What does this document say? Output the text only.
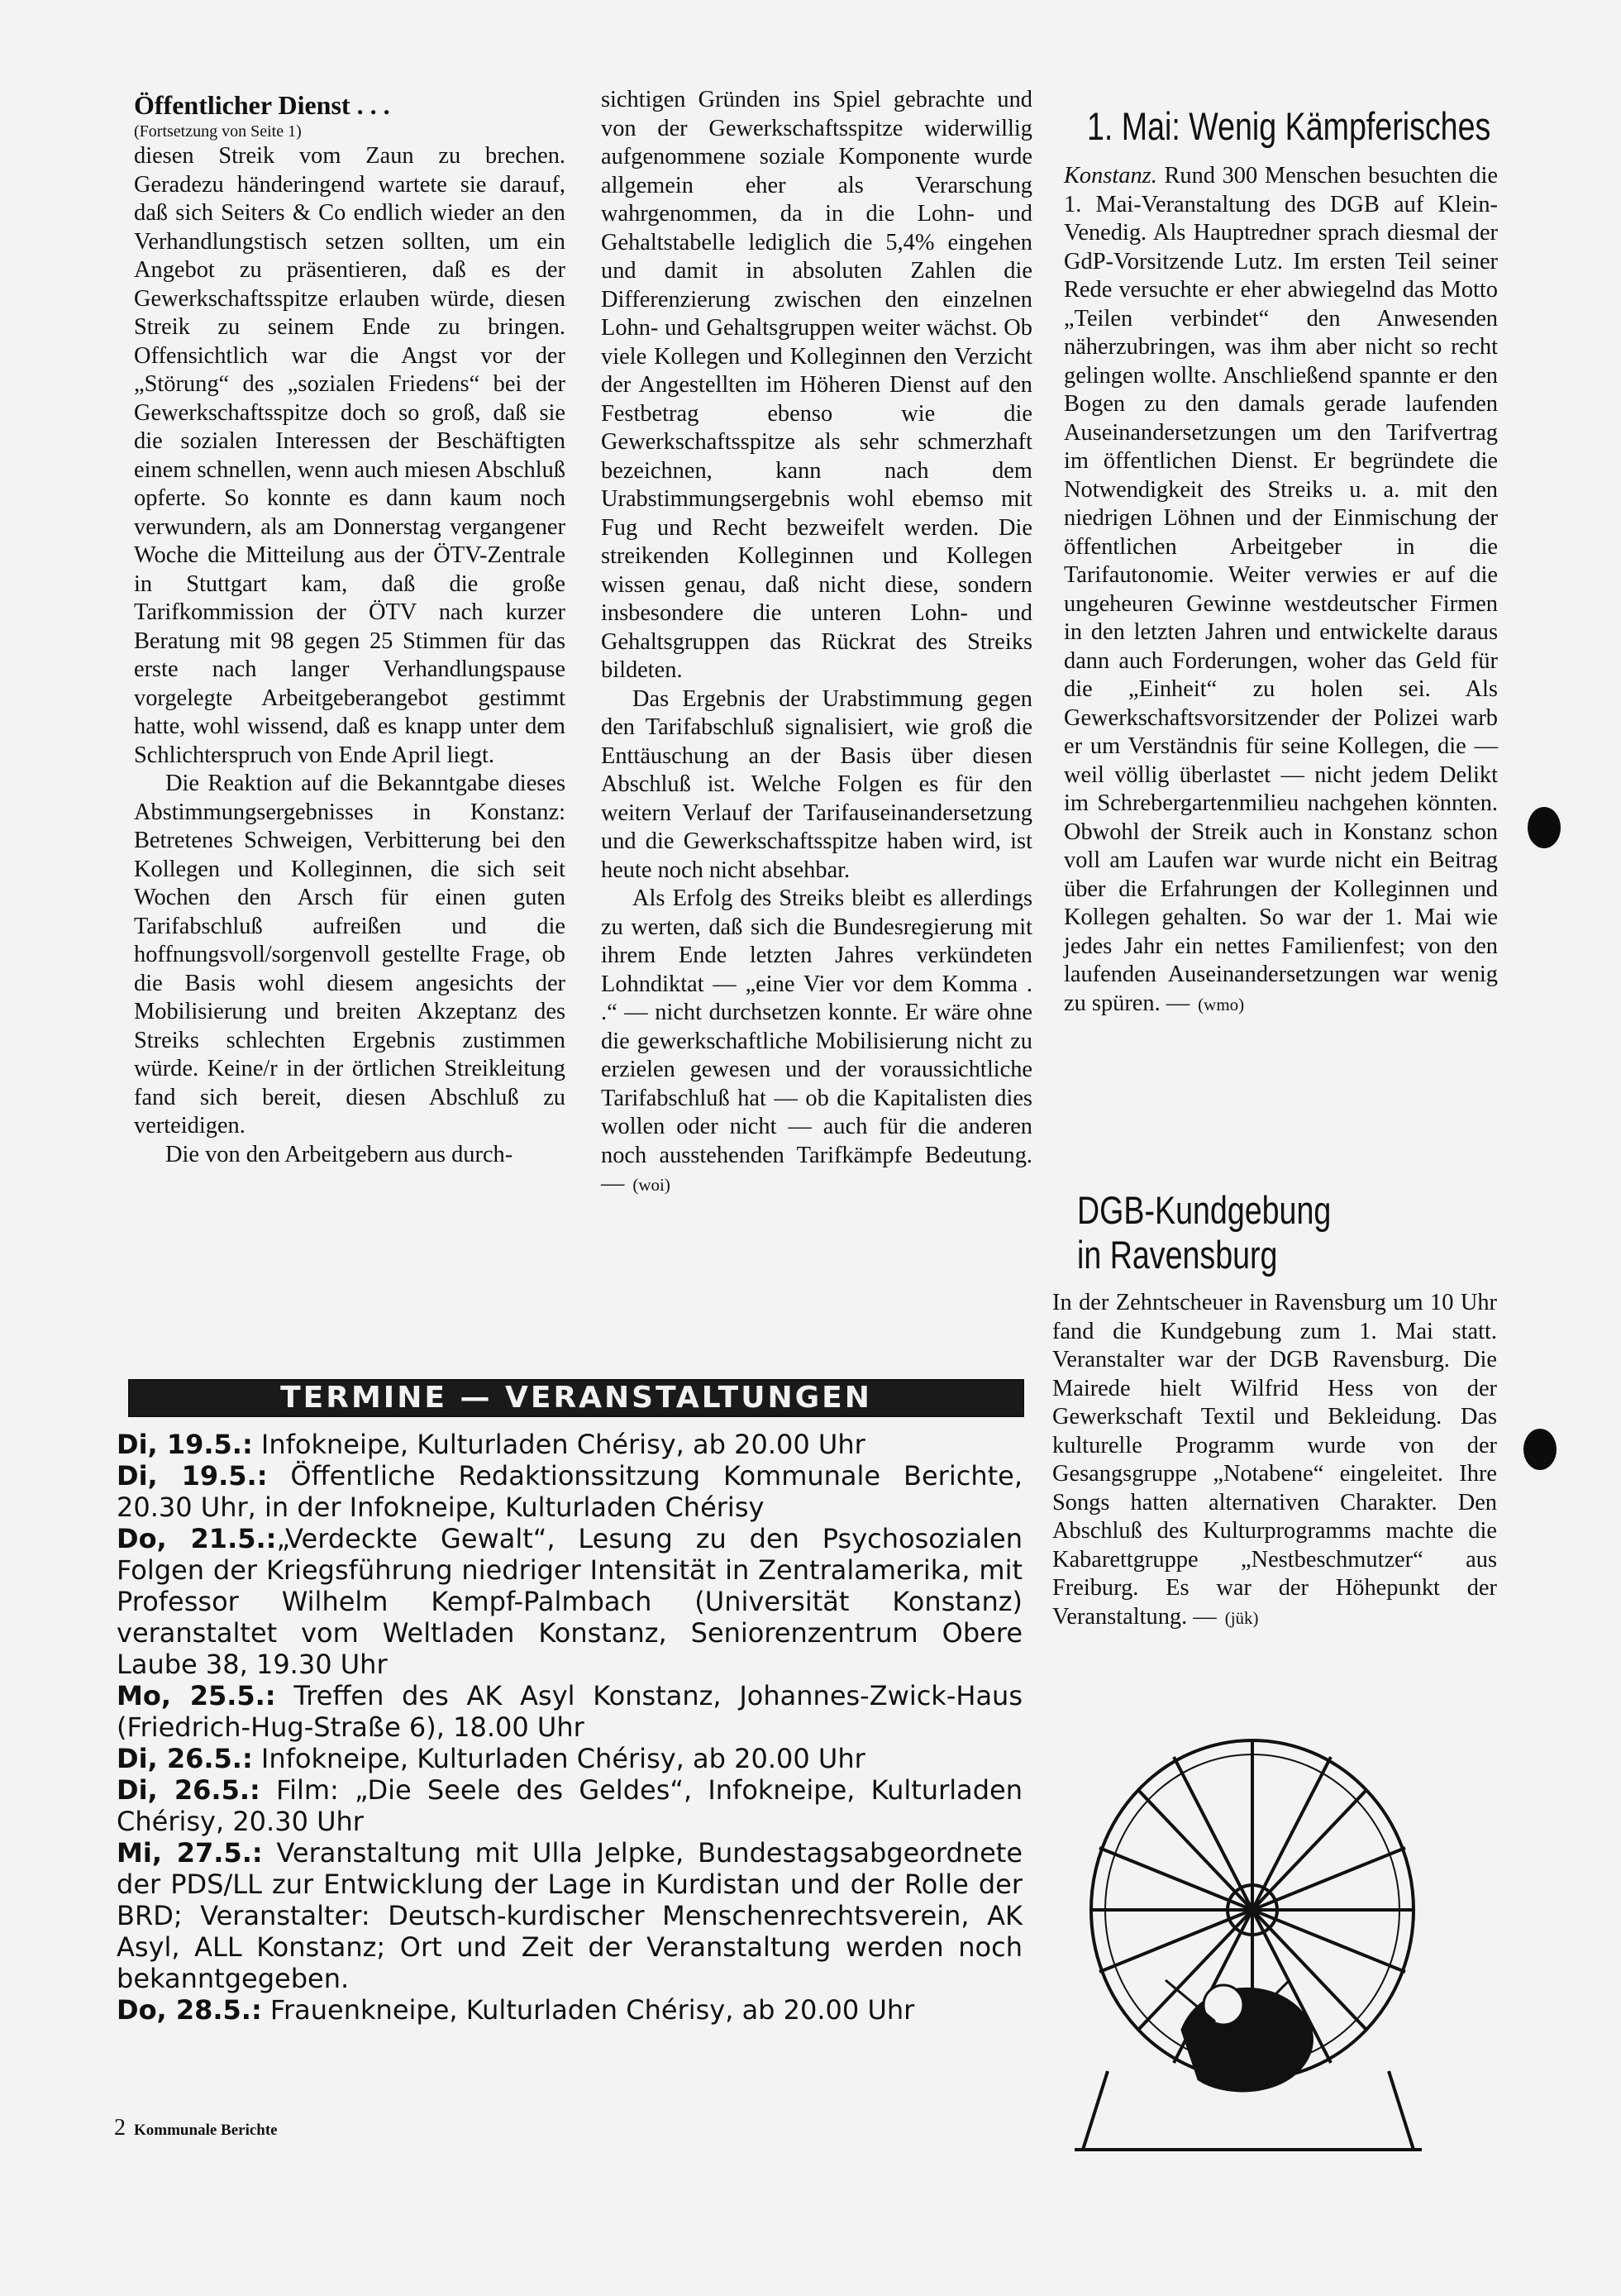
Öffentlicher Dienst . . .

(Fortsetzung von Seite 1)

diesen Streik vom Zaun zu brechen. Geradezu händeringend wartete sie darauf, daß sich Seiters & Co endlich wieder an den Verhandlungstisch setzen sollten, um ein Angebot zu präsentieren, daß es der Gewerkschaftsspitze erlauben würde, diesen Streik zu seinem Ende zu bringen. Offensichtlich war die Angst vor der „Störung“ des „sozialen Friedens“ bei der Gewerkschaftsspitze doch so groß, daß sie die sozialen Interessen der Beschäftigten einem schnellen, wenn auch miesen Abschluß opferte. So konnte es dann kaum noch verwundern, als am Donnerstag vergangener Woche die Mitteilung aus der ÖTV-Zentrale in Stuttgart kam, daß die große Tarifkommission der ÖTV nach kurzer Beratung mit 98 gegen 25 Stimmen für das erste nach langer Verhandlungspause vorgelegte Arbeitgeberangebot gestimmt hatte, wohl wissend, daß es knapp unter dem Schlichterspruch von Ende April liegt.

Die Reaktion auf die Bekanntgabe dieses Abstimmungsergebnisses in Konstanz: Betretenes Schweigen, Verbitterung bei den Kollegen und Kolleginnen, die sich seit Wochen den Arsch für einen guten Tarifabschluß aufreißen und die hoffnungsvoll/sorgenvoll gestellte Frage, ob die Basis wohl diesem angesichts der Mobilisierung und breiten Akzeptanz des Streiks schlechten Ergebnis zustimmen würde. Keine/r in der örtlichen Streikleitung fand sich bereit, diesen Abschluß zu verteidigen.

Die von den Arbeitgebern aus durch-

sichtigen Gründen ins Spiel gebrachte und von der Gewerkschaftsspitze widerwillig aufgenommene soziale Komponente wurde allgemein eher als Verarschung wahrgenommen, da in die Lohn- und Gehaltstabelle lediglich die 5,4% eingehen und damit in absoluten Zahlen die Differenzierung zwischen den einzelnen Lohn- und Gehaltsgruppen weiter wächst. Ob viele Kollegen und Kolleginnen den Verzicht der Angestellten im Höheren Dienst auf den Festbetrag ebenso wie die Gewerkschaftsspitze als sehr schmerzhaft bezeichnen, kann nach dem Urabstimmungsergebnis wohl ebemso mit Fug und Recht bezweifelt werden. Die streikenden Kolleginnen und Kollegen wissen genau, daß nicht diese, sondern insbesondere die unteren Lohn- und Gehaltsgruppen das Rückrat des Streiks bildeten.

Das Ergebnis der Urabstimmung gegen den Tarifabschluß signalisiert, wie groß die Enttäuschung an der Basis über diesen Abschluß ist. Welche Folgen es für den weitern Verlauf der Tarifauseinandersetzung und die Gewerkschaftsspitze haben wird, ist heute noch nicht absehbar.

Als Erfolg des Streiks bleibt es allerdings zu werten, daß sich die Bundesregierung mit ihrem Ende letzten Jahres verkündeten Lohndiktat — „eine Vier vor dem Komma . .“ — nicht durchsetzen konnte. Er wäre ohne die gewerkschaftliche Mobilisierung nicht zu erzielen gewesen und der voraussichtliche Tarifabschluß hat — ob die Kapitalisten dies wollen oder nicht — auch für die anderen noch ausstehenden Tarifkämpfe Bedeutung. — (woi)

1. Mai: Wenig Kämpferisches

Konstanz. Rund 300 Menschen besuchten die 1. Mai-Veranstaltung des DGB auf Klein-Venedig. Als Hauptredner sprach diesmal der GdP-Vorsitzende Lutz. Im ersten Teil seiner Rede versuchte er eher abwiegelnd das Motto „Teilen verbindet“ den Anwesenden näherzubringen, was ihm aber nicht so recht gelingen wollte. Anschließend spannte er den Bogen zu den damals gerade laufenden Auseinandersetzungen um den Tarifvertrag im öffentlichen Dienst. Er begründete die Notwendigkeit des Streiks u. a. mit den niedrigen Löhnen und der Einmischung der öffentlichen Arbeitgeber in die Tarifautonomie. Weiter verwies er auf die ungeheuren Gewinne westdeutscher Firmen in den letzten Jahren und entwickelte daraus dann auch Forderungen, woher das Geld für die „Einheit“ zu holen sei. Als Gewerkschaftsvorsitzender der Polizei warb er um Verständnis für seine Kollegen, die — weil völlig überlastet — nicht jedem Delikt im Schrebergartenmilieu nachgehen könnten. Obwohl der Streik auch in Konstanz schon voll am Laufen war wurde nicht ein Beitrag über die Erfahrungen der Kolleginnen und Kollegen gehalten. So war der 1. Mai wie jedes Jahr ein nettes Familienfest; von den laufenden Auseinandersetzungen war wenig zu spüren. — (wmo)

DGB-Kundgebung
in Ravensburg

In der Zehntscheuer in Ravensburg um 10 Uhr fand die Kundgebung zum 1. Mai statt. Veranstalter war der DGB Ravensburg. Die Mairede hielt Wilfrid Hess von der Gewerkschaft Textil und Bekleidung. Das kulturelle Programm wurde von der Gesangsgruppe „Notabene“ eingeleitet. Ihre Songs hatten alternativen Charakter. Den Abschluß des Kulturprogramms machte die Kabarettgruppe „Nestbeschmutzer“ aus Freiburg. Es war der Höhepunkt der Veranstaltung. — (jük)

TERMINE — VERANSTALTUNGEN

Di, 19.5.: Infokneipe, Kulturladen Chérisy, ab 20.00 Uhr

Di, 19.5.: Öffentliche Redaktionssitzung Kommunale Berichte, 20.30 Uhr, in der Infokneipe, Kulturladen Chérisy

Do, 21.5.:„Verdeckte Gewalt“, Lesung zu den Psychosozialen Folgen der Kriegsführung niedriger Intensität in Zentralamerika, mit Professor Wilhelm Kempf-Palmbach (Universität Konstanz) veranstaltet vom Weltladen Konstanz, Seniorenzentrum Obere Laube 38, 19.30 Uhr

Mo, 25.5.: Treffen des AK Asyl Konstanz, Johannes-Zwick-Haus (Friedrich-Hug-Straße 6), 18.00 Uhr

Di, 26.5.: Infokneipe, Kulturladen Chérisy, ab 20.00 Uhr

Di, 26.5.: Film: „Die Seele des Geldes“, Infokneipe, Kulturladen Chérisy, 20.30 Uhr

Mi, 27.5.: Veranstaltung mit Ulla Jelpke, Bundestagsabgeordnete der PDS/LL zur Entwicklung der Lage in Kurdistan und der Rolle der BRD; Veranstalter: Deutsch-kurdischer Menschenrechtsverein, AK Asyl, ALL Konstanz; Ort und Zeit der Veranstaltung werden noch bekanntgegeben.

Do, 28.5.: Frauenkneipe, Kulturladen Chérisy, ab 20.00 Uhr

2 Kommunale Berichte
